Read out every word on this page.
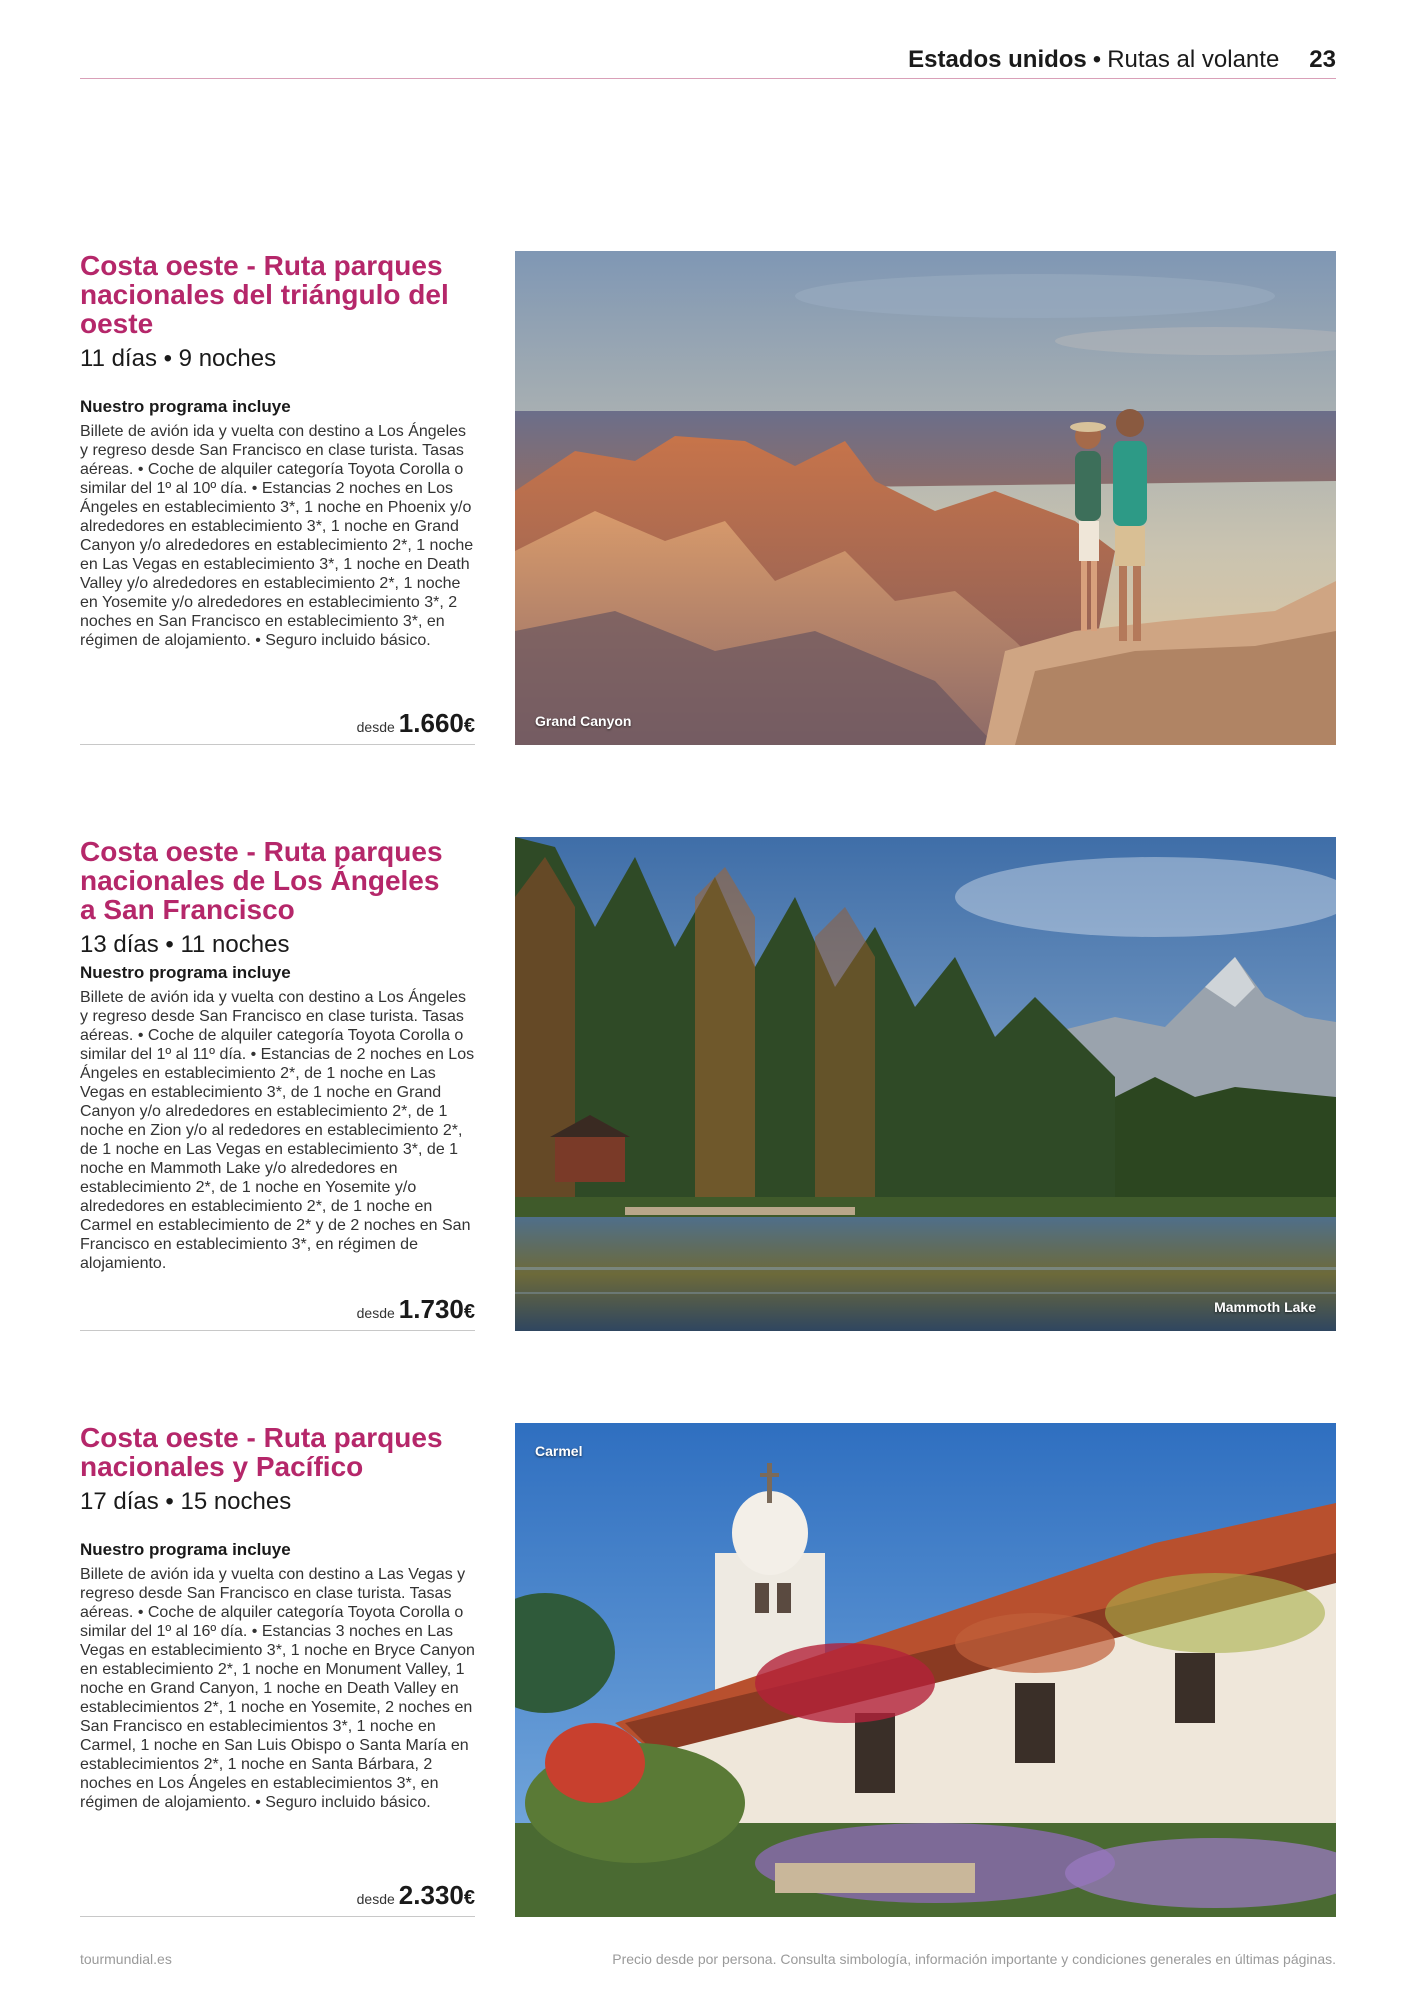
Estados unidos • Rutas al volante 23
Costa oeste - Ruta parques nacionales del triángulo del oeste
11 días • 9 noches
Nuestro programa incluye
Billete de avión ida y vuelta con destino a Los Ángeles y regreso desde San Francisco en clase turista. Tasas aéreas. • Coche de alquiler categoría Toyota Corolla o similar del 1º al 10º día. • Estancias 2 noches en Los Ángeles en establecimiento 3*, 1 noche en Phoenix y/o alrededores en establecimiento 3*, 1 noche en Grand Canyon y/o alrededores en establecimiento 2*, 1 noche en Las Vegas en establecimiento 3*, 1 noche en Death Valley y/o alrededores en establecimiento 2*, 1 noche en Yosemite y/o alrededores en establecimiento 3*, 2 noches en San Francisco en establecimiento 3*, en régimen de alojamiento. • Seguro incluido básico.
desde 1.660€	Grand Canyon
Costa oeste - Ruta parques nacionales de Los Ángeles a San Francisco
13 días • 11 noches
Nuestro programa incluye
Billete de avión ida y vuelta con destino a Los Ángeles y regreso desde San Francisco en clase turista. Tasas aéreas. • Coche de alquiler categoría Toyota Corolla o similar del 1º al 11º día. • Estancias de 2 noches en Los Ángeles en establecimiento 2*, de 1 noche en Las Vegas en establecimiento 3*, de 1 noche en Grand Canyon y/o alrededores en establecimiento 2*, de 1 noche en Zion y/o al rededores en establecimiento 2*, de 1 noche en Las Vegas en establecimiento 3*, de 1 noche en Mammoth Lake y/o alrededores en establecimiento 2*, de 1 noche en Yosemite y/o alrededores en establecimiento 2*, de 1 noche en Carmel en establecimiento de 2* y de 2 noches en San Francisco en establecimiento 3*, en régimen de alojamiento.
desde 1.730€	Mammoth Lake
Costa oeste - Ruta parques nacionales y Pacífico
17 días • 15 noches
Nuestro programa incluye
Billete de avión ida y vuelta con destino a Las Vegas y regreso desde San Francisco en clase turista. Tasas aéreas. • Coche de alquiler categoría Toyota Corolla o similar del 1º al 16º día. • Estancias 3 noches en Las Vegas en establecimiento 3*, 1 noche en Bryce Canyon en establecimiento 2*, 1 noche en Monument Valley, 1 noche en Grand Canyon, 1 noche en Death Valley en establecimientos 2*, 1 noche en Yosemite, 2 noches en San Francisco en establecimientos 3*, 1 noche en Carmel, 1 noche en San Luis Obispo o Santa María en establecimientos 2*, 1 noche en Santa Bárbara, 2 noches en Los Ángeles en establecimientos 3*, en régimen de alojamiento. • Seguro incluido básico.
desde 2.330€
Carmel
tourmundial.es	Precio desde por persona. Consulta simbología, información importante y condiciones generales en últimas páginas.
